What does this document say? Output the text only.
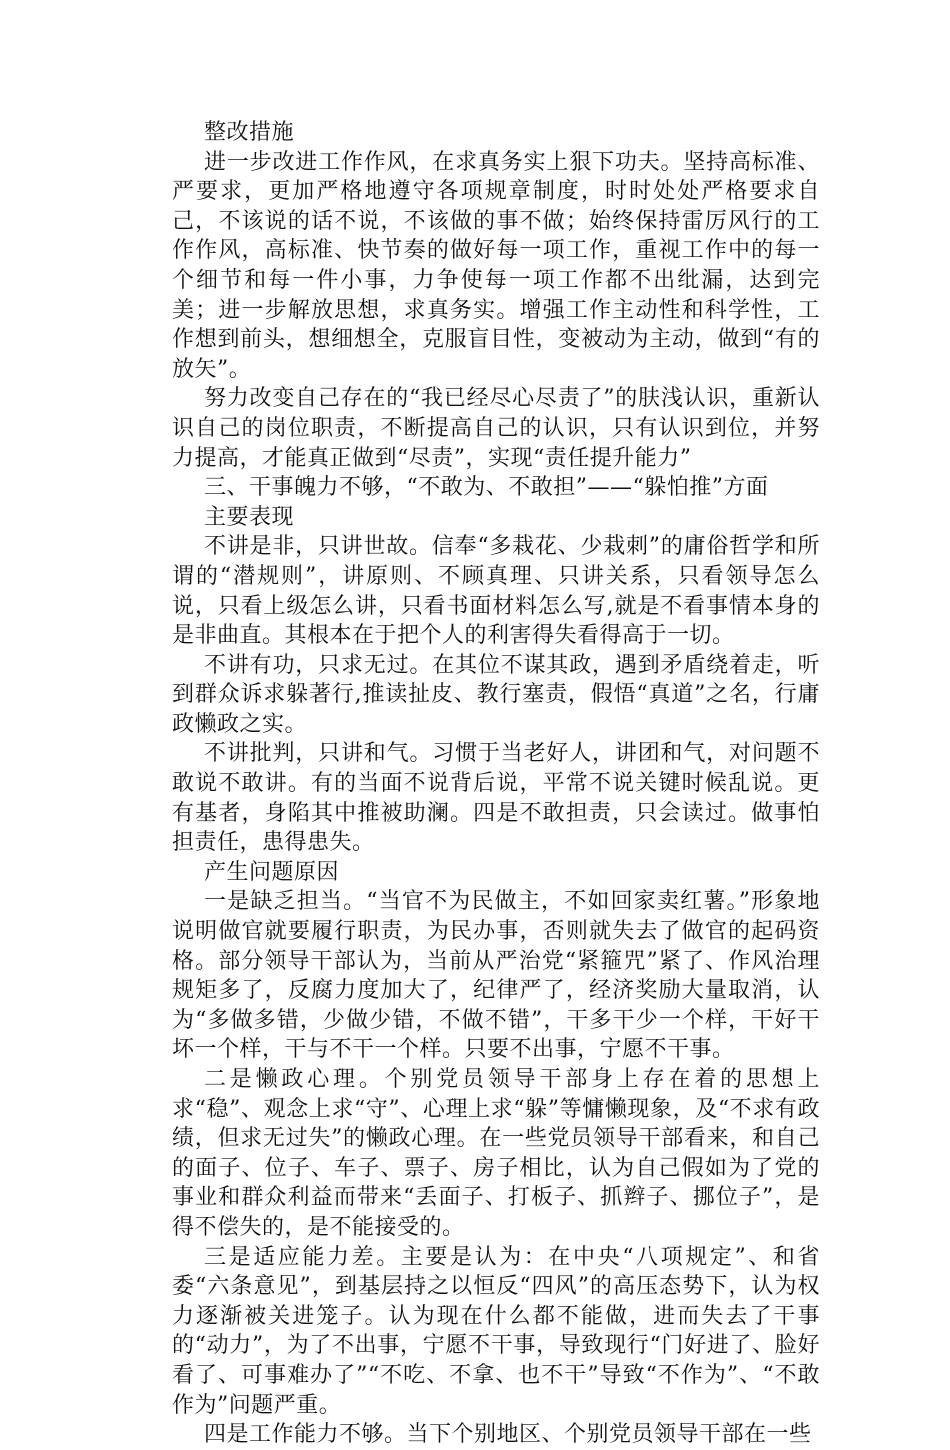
整改措施

进一步改进工作作风，在求真务实上狠下功夫。坚持高标准、严要求，更加严格地遵守各项规章制度，时时处处严格要求自己，不该说的话不说，不该做的事不做；始终保持雷厉风行的工作作风，高标准、快节奏的做好每一项工作，重视工作中的每一个细节和每一件小事，力争使每一项工作都不出纰漏，达到完美；进一步解放思想，求真务实。增强工作主动性和科学性，工作想到前头，想细想全，克服盲目性，变被动为主动，做到“有的放矢”。

努力改变自己存在的“我已经尽心尽责了”的肤浅认识，重新认识自己的岗位职责，不断提高自己的认识，只有认识到位，并努力提高，才能真正做到“尽责”，实现“责任提升能力”

三、干事魄力不够，“不敢为、不敢担”——“躲怕推”方面

主要表现

不讲是非，只讲世故。信奉“多栽花、少栽刺”的庸俗哲学和所谓的“潜规则”，讲原则、不顾真理、只讲关系，只看领导怎么说，只看上级怎么讲，只看书面材料怎么写,就是不看事情本身的是非曲直。其根本在于把个人的利害得失看得高于一切。

不讲有功，只求无过。在其位不谋其政，遇到矛盾绕着走，听到群众诉求躲著行,推读扯皮、教行塞责，假悟“真道”之名，行庸政懒政之实。

不讲批判，只讲和气。习惯于当老好人，讲团和气，对问题不敢说不敢讲。有的当面不说背后说，平常不说关键时候乱说。更有基者，身陷其中推被助澜。四是不敢担责，只会读过。做事怕担责任，患得患失。

产生问题原因

一是缺乏担当。“当官不为民做主，不如回家卖红薯。”形象地说明做官就要履行职责，为民办事，否则就失去了做官的起码资格。部分领导干部认为，当前从严治党“紧箍咒”紧了、作风治理规矩多了，反腐力度加大了，纪律严了，经济奖励大量取消，认为“多做多错，少做少错，不做不错”，干多干少一个样，干好干坏一个样，干与不干一个样。只要不出事，宁愿不干事。

二是懒政心理。个别党员领导干部身上存在着的思想上求“稳”、观念上求“守”、心理上求“躲”等慵懒现象，及“不求有政绩，但求无过失”的懒政心理。在一些党员领导干部看来，和自己的面子、位子、车子、票子、房子相比，认为自己假如为了党的事业和群众利益而带来“丢面子、打板子、抓辫子、挪位子”，是得不偿失的，是不能接受的。

三是适应能力差。主要是认为：在中央“八项规定”、和省委“六条意见”，到基层持之以恒反“四风”的高压态势下，认为权力逐渐被关进笼子。认为现在什么都不能做，进而失去了干事的“动力”，为了不出事，宁愿不干事，导致现行“门好进了、脸好看了、可事难办了”“不吃、不拿、也不干”导致“不作为”、“不敢作为”问题严重。

四是工作能力不够。当下个别地区、个别党员领导干部在一些
